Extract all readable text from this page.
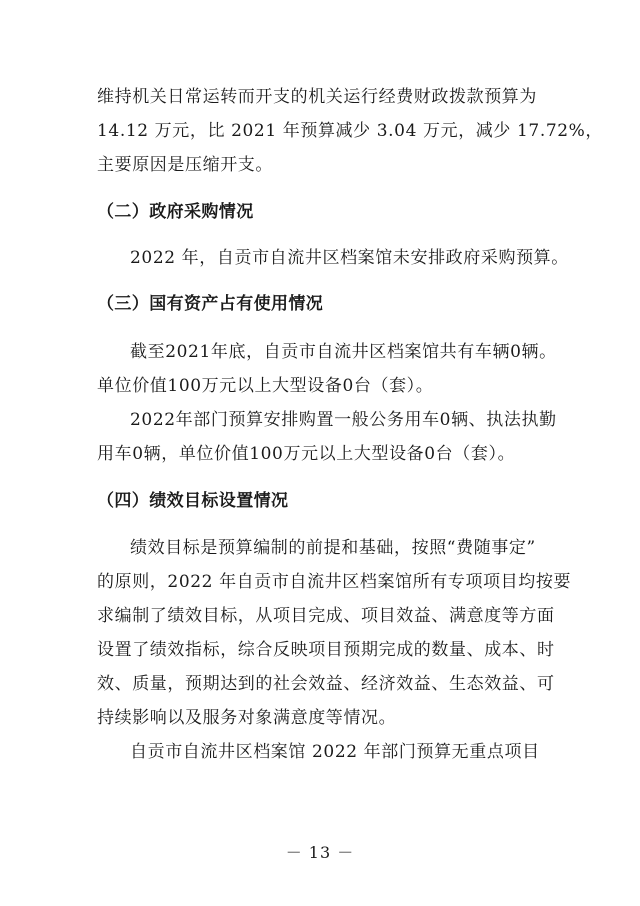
维持机关日常运转而开支的机关运行经费财政拨款预算为
14.12 万元，比 2021 年预算减少 3.04 万元，减少 17.72%，
主要原因是压缩开支。
（二）政府采购情况
2022 年，自贡市自流井区档案馆未安排政府采购预算。
（三）国有资产占有使用情况
截至2021年底，自贡市自流井区档案馆共有车辆0辆。
单位价值100万元以上大型设备0台（套）。
2022年部门预算安排购置一般公务用车0辆、执法执勤
用车0辆，单位价值100万元以上大型设备0台（套）。
（四）绩效目标设置情况
绩效目标是预算编制的前提和基础，按照“费随事定”
的原则，2022 年自贡市自流井区档案馆所有专项项目均按要
求编制了绩效目标，从项目完成、项目效益、满意度等方面
设置了绩效指标，综合反映项目预期完成的数量、成本、时
效、质量，预期达到的社会效益、经济效益、生态效益、可
持续影响以及服务对象满意度等情况。
自贡市自流井区档案馆 2022 年部门预算无重点项目
－ 13 －
